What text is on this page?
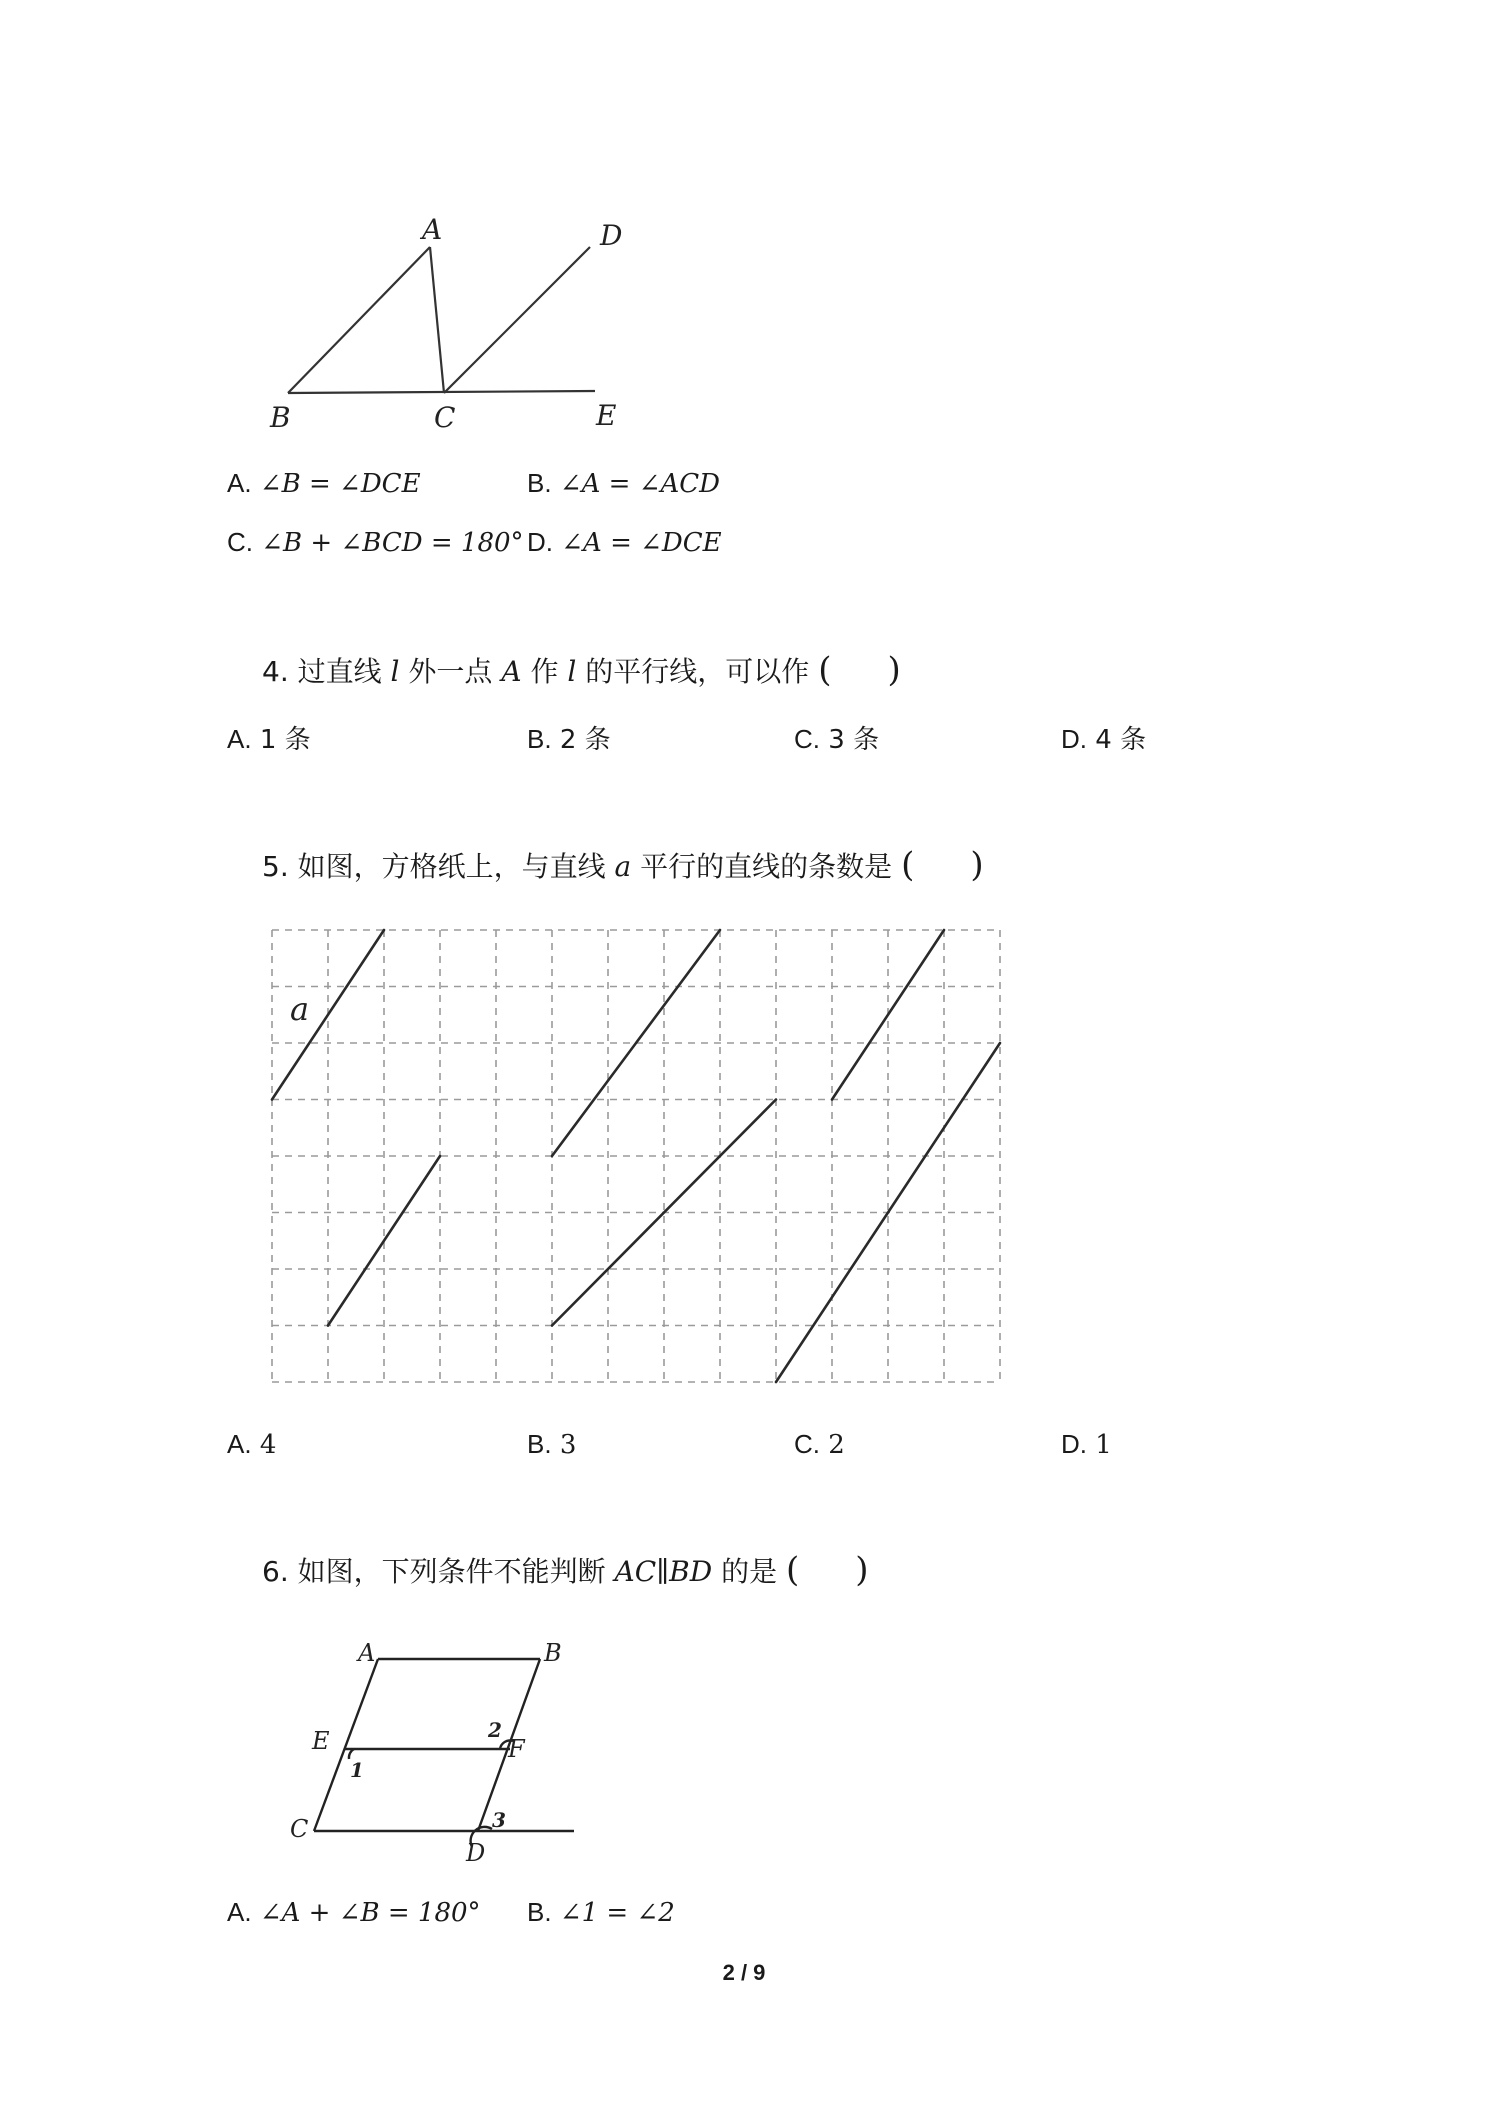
A
B	C
D
E
A. ∠B = ∠DCE	B. ∠A = ∠ACD
C. ∠B + ∠BCD = 180° D. ∠A = ∠DCE
4. 过直线 l 外一点 A 作 l 的平行线，可以作 ( )
A. 1 条	B. 2 条	C. 3 条	D. 4 条
5. 如图，方格纸上，与直线 a 平行的直线的条数是 ( )
a
A. 4	B. 3	C. 2	D. 1
6. 如图，下列条件不能判断 AC∥BD 的是 ( )
A	B
C
D
E	F
1
2
3
A. ∠A + ∠B = 180° B. ∠1 = ∠2
2 / 9
